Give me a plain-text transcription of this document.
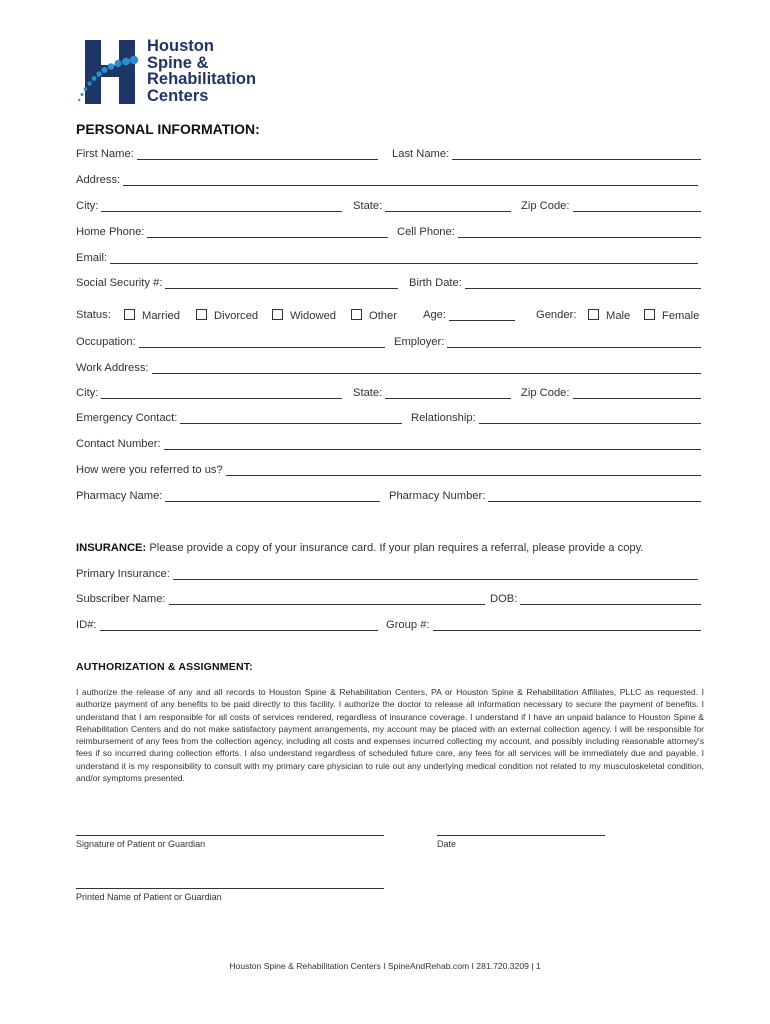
Houston
Spine &
Rehabilitation
Centers
PERSONAL INFORMATION:
First Name:	Last Name:
Address:
City:	State:	Zip Code:
Home Phone:	Cell Phone:
Email:
Social Security #:	Birth Date:
Status:	Married	Divorced	Widowed	Other Age:	Gender:	Male	Female
Occupation:	Employer:
Work Address:
City:	State:	Zip Code:
Emergency Contact:	Relationship:
Contact Number:
How were you referred to us?
Pharmacy Name:	Pharmacy Number:
INSURANCE: Please provide a copy of your insurance card. If your plan requires a referral, please provide a copy.
Primary Insurance:
Subscriber Name:	DOB:
ID#:	Group #:
AUTHORIZATION & ASSIGNMENT:
I authorize the release of any and all records to Houston Spine & Rehabilitation Centers, PA or Houston Spine & Rehabilitation Affiliates, PLLC as requested. I authorize payment of any benefits to be paid directly to this facility. I authorize the doctor to release all information necessary to secure the payment of benefits. I understand that I am responsible for all costs of services rendered, regardless of insurance coverage. I understand if I have an unpaid balance to Houston Spine & Rehabilitation Centers and do not make satisfactory payment arrangements, my account may be placed with an external collection agency. I will be responsible for reimbursement of any fees from the collection agency, including all costs and expenses incurred collecting my account, and possibly including reasonable attorney's fees if so incurred during collection efforts. I also understand regardless of scheduled future care, any fees for all services will be immediately due and payable. I understand it is my responsibility to consult with my primary care physician to rule out any underlying medical condition not related to my musculoskeletal condition, and/or symptoms presented.
Signature of Patient or Guardian	Date
Printed Name of Patient or Guardian
Houston Spine & Rehabilitation Centers I SpineAndRehab.com I 281.720.3209 | 1
